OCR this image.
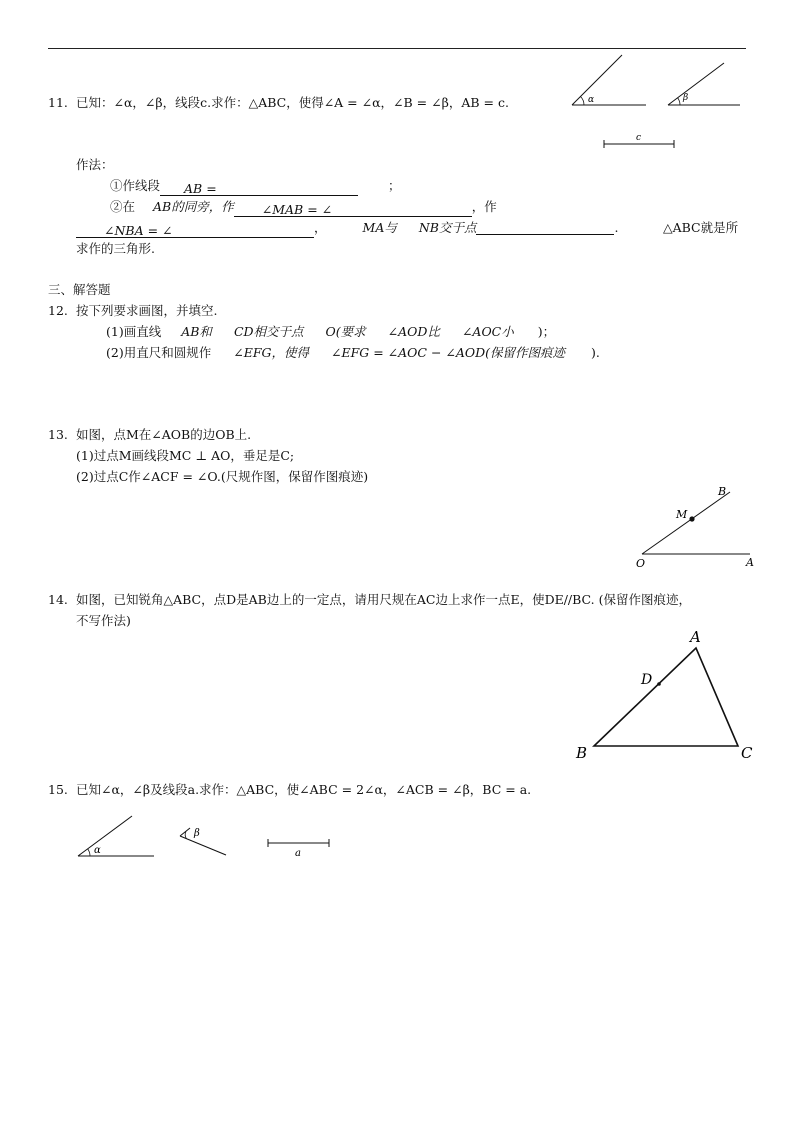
11. 已知：∠α，∠β，线段c.求作：△ABC，使得∠A = ∠α，∠B = ∠β，AB = c.	α	β
c
作法：
①作线段 AB =	；
②在 AB的同旁，作 ∠MAB = ∠	，作
∠NBA = ∠	，	MA与 NB交于点	.	△ABC就是所
求作的三角形.
三、解答题
12. 按下列要求画图，并填空.
(1)画直线 AB和 CD相交于点 O(要求 ∠AOD比 ∠AOC小 )；
(2)用直尺和圆规作 ∠EFG，使得 ∠EFG = ∠AOC − ∠AOD(保留作图痕迹 ).
13. 如图，点M在∠AOB的边OB上.
(1)过点M画线段MC ⊥ AO，垂足是C;
(2)过点C作∠ACF = ∠O.(尺规作图，保留作图痕迹)
B
M
O	A
14. 如图，已知锐角△ABC，点D是AB边上的一定点，请用尺规在AC边上求作一点E，使DE//BC. (保留作图痕迹，
不写作法)
A
B	C
D
15. 已知∠α，∠β及线段a.求作：△ABC，使∠ABC = 2∠α，∠ACB = ∠β，BC = a.
α
β
a
